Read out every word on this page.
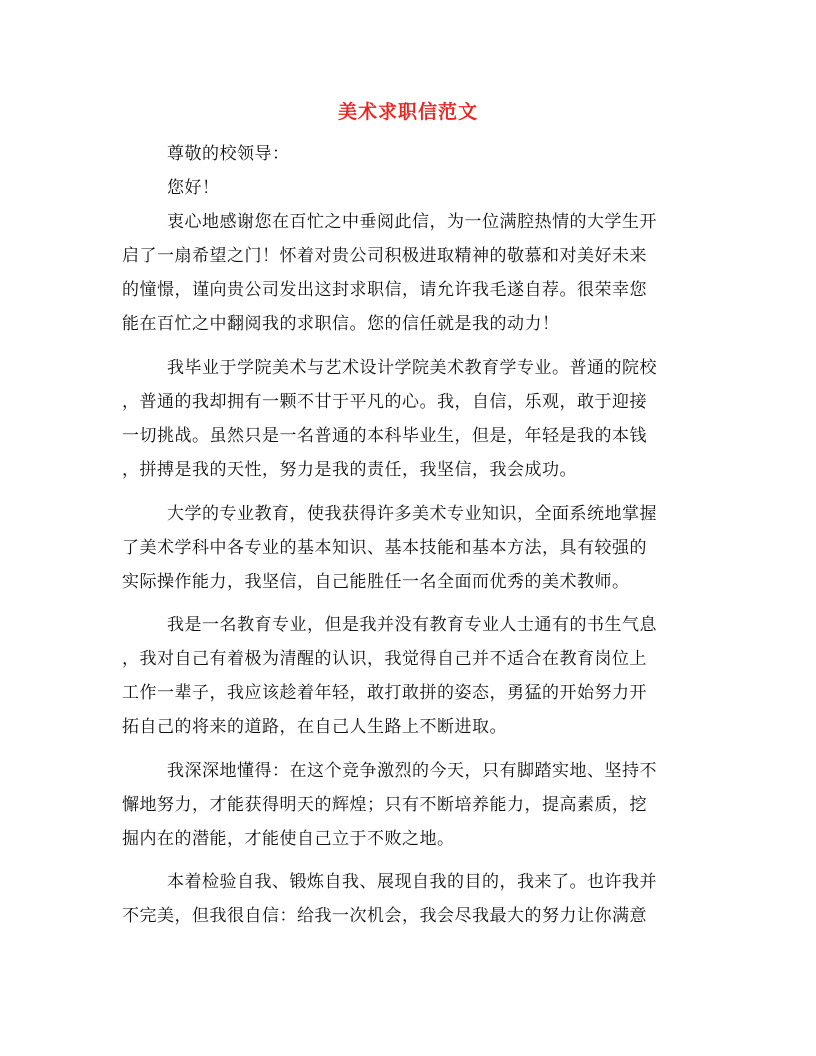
美术求职信范文
尊敬的校领导：
您好！
衷心地感谢您在百忙之中垂阅此信，为一位满腔热情的大学生开
启了一扇希望之门！怀着对贵公司积极进取精神的敬慕和对美好未来
的憧憬，谨向贵公司发出这封求职信，请允许我毛遂自荐。很荣幸您
能在百忙之中翻阅我的求职信。您的信任就是我的动力！
我毕业于学院美术与艺术设计学院美术教育学专业。普通的院校
，普通的我却拥有一颗不甘于平凡的心。我，自信，乐观，敢于迎接
一切挑战。虽然只是一名普通的本科毕业生，但是，年轻是我的本钱
，拼搏是我的天性，努力是我的责任，我坚信，我会成功。
大学的专业教育，使我获得许多美术专业知识，全面系统地掌握
了美术学科中各专业的基本知识、基本技能和基本方法，具有较强的
实际操作能力，我坚信，自己能胜任一名全面而优秀的美术教师。
我是一名教育专业，但是我并没有教育专业人士通有的书生气息
，我对自己有着极为清醒的认识，我觉得自己并不适合在教育岗位上
工作一辈子，我应该趁着年轻，敢打敢拼的姿态，勇猛的开始努力开
拓自己的将来的道路，在自己人生路上不断进取。
我深深地懂得：在这个竞争激烈的今天，只有脚踏实地、坚持不
懈地努力，才能获得明天的辉煌；只有不断培养能力，提高素质，挖
掘内在的潜能，才能使自己立于不败之地。
本着检验自我、锻炼自我、展现自我的目的，我来了。也许我并
不完美，但我很自信：给我一次机会，我会尽我最大的努力让你满意
